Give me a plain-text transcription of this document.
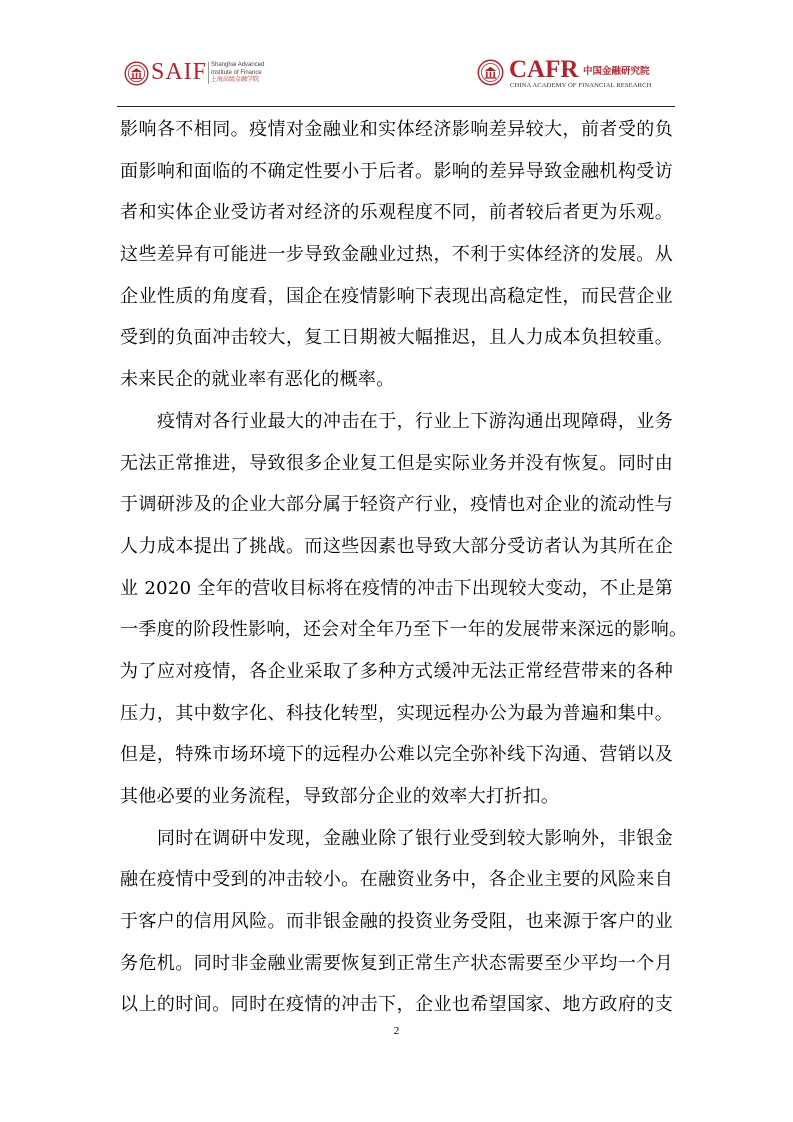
SAIF Shanghai Advanced
Institute of Finance
上海高级金融学院	CAFR 中国金融研究院
CHINA ACADEMY OF FINANCIAL RESEARCH
影响各不相同。疫情对金融业和实体经济影响差异较大，前者受的负
面影响和面临的不确定性要小于后者。影响的差异导致金融机构受访
者和实体企业受访者对经济的乐观程度不同，前者较后者更为乐观。
这些差异有可能进一步导致金融业过热，不利于实体经济的发展。从
企业性质的角度看，国企在疫情影响下表现出高稳定性，而民营企业
受到的负面冲击较大，复工日期被大幅推迟，且人力成本负担较重。
未来民企的就业率有恶化的概率。
疫情对各行业最大的冲击在于，行业上下游沟通出现障碍，业务
无法正常推进，导致很多企业复工但是实际业务并没有恢复。同时由
于调研涉及的企业大部分属于轻资产行业，疫情也对企业的流动性与
人力成本提出了挑战。而这些因素也导致大部分受访者认为其所在企
业 2020 全年的营收目标将在疫情的冲击下出现较大变动，不止是第
一季度的阶段性影响，还会对全年乃至下一年的发展带来深远的影响。
为了应对疫情，各企业采取了多种方式缓冲无法正常经营带来的各种
压力，其中数字化、科技化转型，实现远程办公为最为普遍和集中。
但是，特殊市场环境下的远程办公难以完全弥补线下沟通、营销以及
其他必要的业务流程，导致部分企业的效率大打折扣。
同时在调研中发现，金融业除了银行业受到较大影响外，非银金
融在疫情中受到的冲击较小。在融资业务中，各企业主要的风险来自
于客户的信用风险。而非银金融的投资业务受阻，也来源于客户的业
务危机。同时非金融业需要恢复到正常生产状态需要至少平均一个月
以上的时间。同时在疫情的冲击下，企业也希望国家、地方政府的支
2
